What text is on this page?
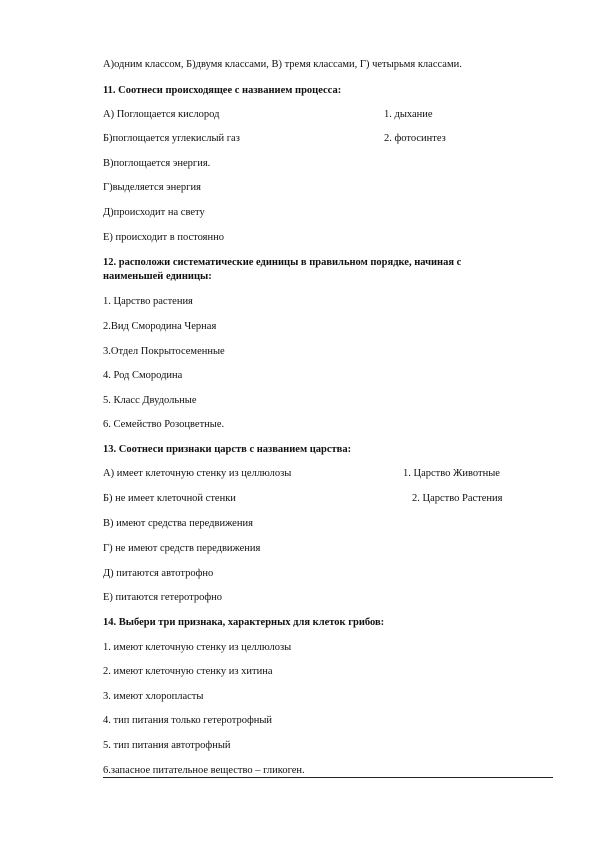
А)одним классом, Б)двумя классами, В) тремя классами, Г) четырьмя классами.
11. Соотнеси происходящее с названием процесса:
А) Поглощается кислород	1. дыхание
Б)поглощается углекислый газ	2. фотосинтез
В)поглощается энергия.
Г)выделяется энергия
Д)происходит на свету
Е) происходит в постоянно
12. расположи систематические единицы в правильном порядке, начиная с
наименьшей единицы:
1. Царство растения
2.Вид Смородина Черная
3.Отдел Покрытосеменные
4. Род Смородина
5. Класс Двудольные
6. Семейство Розоцветные.
13. Соотнеси признаки царств с названием царства:
А) имеет клеточную стенку из целлюлозы	1. Царство Животные
Б) не имеет клеточной стенки	2. Царство Растения
В) имеют средства передвижения
Г) не имеют средств передвижения
Д) питаются автотрофно
Е) питаются гетеротрофно
14. Выбери три признака, характерных для клеток грибов:
1. имеют клеточную стенку из целлюлозы
2. имеют клеточную стенку из хитина
3. имеют хлоропласты
4. тип питания только гетеротрофный
5. тип питания автотрофный
6.запасное питательное вещество – гликоген.
